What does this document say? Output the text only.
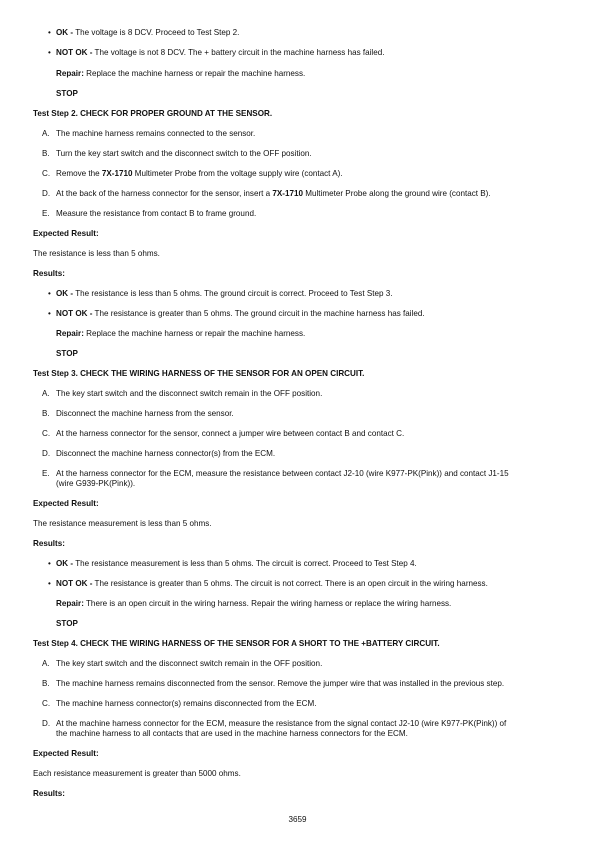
• OK - The voltage is 8 DCV. Proceed to Test Step 2.
• NOT OK - The voltage is not 8 DCV. The + battery circuit in the machine harness has failed.
Repair: Replace the machine harness or repair the machine harness.
STOP
Test Step 2. CHECK FOR PROPER GROUND AT THE SENSOR.
A. The machine harness remains connected to the sensor.
B. Turn the key start switch and the disconnect switch to the OFF position.
C. Remove the 7X-1710 Multimeter Probe from the voltage supply wire (contact A).
D. At the back of the harness connector for the sensor, insert a 7X-1710 Multimeter Probe along the ground wire (contact B).
E. Measure the resistance from contact B to frame ground.
Expected Result:
The resistance is less than 5 ohms.
Results:
• OK - The resistance is less than 5 ohms. The ground circuit is correct. Proceed to Test Step 3.
• NOT OK - The resistance is greater than 5 ohms. The ground circuit in the machine harness has failed.
Repair: Replace the machine harness or repair the machine harness.
STOP
Test Step 3. CHECK THE WIRING HARNESS OF THE SENSOR FOR AN OPEN CIRCUIT.
A. The key start switch and the disconnect switch remain in the OFF position.
B. Disconnect the machine harness from the sensor.
C. At the harness connector for the sensor, connect a jumper wire between contact B and contact C.
D. Disconnect the machine harness connector(s) from the ECM.
E. At the harness connector for the ECM, measure the resistance between contact J2-10 (wire K977-PK(Pink)) and contact J1-15
(wire G939-PK(Pink)).
Expected Result:
The resistance measurement is less than 5 ohms.
Results:
• OK - The resistance measurement is less than 5 ohms. The circuit is correct. Proceed to Test Step 4.
• NOT OK - The resistance is greater than 5 ohms. The circuit is not correct. There is an open circuit in the wiring harness.
Repair: There is an open circuit in the wiring harness. Repair the wiring harness or replace the wiring harness.
STOP
Test Step 4. CHECK THE WIRING HARNESS OF THE SENSOR FOR A SHORT TO THE +BATTERY CIRCUIT.
A. The key start switch and the disconnect switch remain in the OFF position.
B. The machine harness remains disconnected from the sensor. Remove the jumper wire that was installed in the previous step.
C. The machine harness connector(s) remains disconnected from the ECM.
D. At the machine harness connector for the ECM, measure the resistance from the signal contact J2-10 (wire K977-PK(Pink)) of
the machine harness to all contacts that are used in the machine harness connectors for the ECM.
Expected Result:
Each resistance measurement is greater than 5000 ohms.
Results:
3659
